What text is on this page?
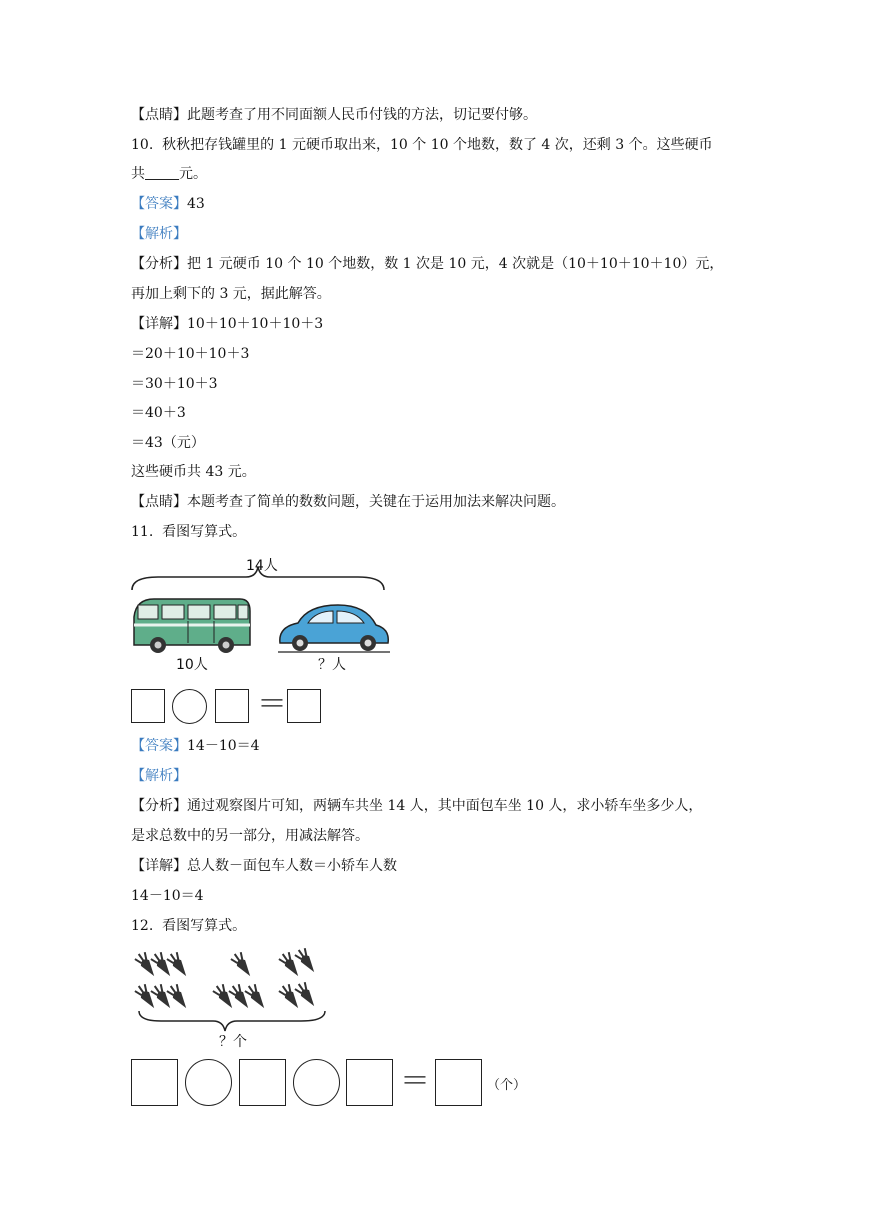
【点睛】此题考查了用不同面额人民币付钱的方法，切记要付够。
10. 秋秋把存钱罐里的 1 元硬币取出来，10 个 10 个地数，数了 4 次，还剩 3 个。这些硬币
共 元。
【答案】43
【解析】
【分析】把 1 元硬币 10 个 10 个地数，数 1 次是 10 元，4 次就是（10＋10＋10＋10）元，
再加上剩下的 3 元，据此解答。
【详解】10＋10＋10＋10＋3
＝20＋10＋10＋3
＝30＋10＋3
＝40＋3
＝43（元）
这些硬币共 43 元。
【点睛】本题考查了简单的数数问题，关键在于运用加法来解决问题。
11. 看图写算式。
14人
10人	？人
＝
【答案】14－10＝4
【解析】
【分析】通过观察图片可知，两辆车共坐 14 人，其中面包车坐 10 人，求小轿车坐多少人，
是求总数中的另一部分，用减法解答。
【详解】总人数－面包车人数＝小轿车人数
14－10＝4
12. 看图写算式。
？个
＝	（个）
